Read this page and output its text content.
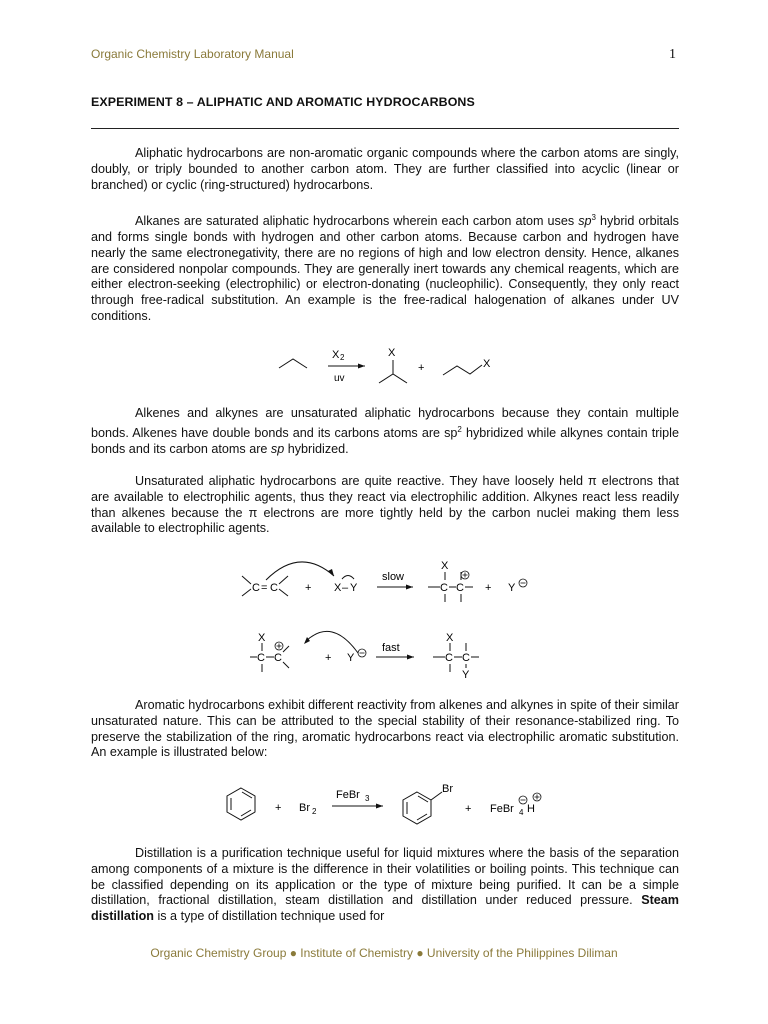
Organic Chemistry Laboratory Manual	1
EXPERIMENT 8 – ALIPHATIC AND AROMATIC HYDROCARBONS

Aliphatic hydrocarbons are non-aromatic organic compounds where the carbon atoms are singly, doubly, or triply bounded to another carbon atom. They are further classified into acyclic (linear or branched) or cyclic (ring-structured) hydrocarbons.

Alkanes are saturated aliphatic hydrocarbons wherein each carbon atom uses $sp^3$ hybrid orbitals and forms single bonds with hydrogen and other carbon atoms. Because carbon and hydrogen have nearly the same electronegativity, there are no regions of high and low electron density. Hence, alkanes are considered nonpolar compounds. They are generally inert towards any chemical reagents, which are either electron-seeking (electrophilic) or electron-donating (nucleophilic). Consequently, they only react through free-radical substitution. An example is the free-radical halogenation of alkanes under UV conditions.

X 2
uv
X
+	X

Alkenes and alkynes are unsaturated aliphatic hydrocarbons because they contain multiple bonds. Alkenes have double bonds and its carbons atoms are $sp^2$ hybridized while alkynes contain triple bonds and its carbon atoms are sp hybridized.

Unsaturated aliphatic hydrocarbons are quite reactive. They have loosely held π electrons that are available to electrophilic agents, thus they react via electrophilic addition. Alkynes react less readily than alkenes because the π electrons are more tightly held by the carbon nuclei making them less available to electrophilic agents.

C = C + X – Y
slow
X
C C + Y
X
C C	+ Y
fast
X
C C
Y

Aromatic hydrocarbons exhibit different reactivity from alkenes and alkynes in spite of their similar unsaturated nature. This can be attributed to the special stability of their resonance-stabilized ring. To preserve the stabilization of the ring, aromatic hydrocarbons react via electrophilic aromatic substitution. An example is illustrated below:

+ Br 2
FeBr 3
Br
+ FeBr 4 H

Distillation is a purification technique useful for liquid mixtures where the basis of the separation among components of a mixture is the difference in their volatilities or boiling points. This technique can be classified depending on its application or the type of mixture being purified. It can be a simple distillation, fractional distillation, steam distillation and distillation under reduced pressure. Steam distillation is a type of distillation technique used for

Organic Chemistry Group ● Institute of Chemistry ● University of the Philippines Diliman
